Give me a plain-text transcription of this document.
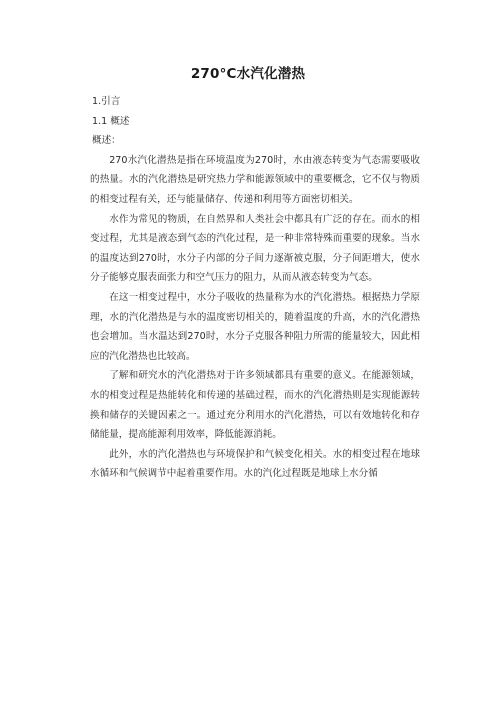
270°C水汽化潜热

1.引言

1.1 概述

概述：

270水汽化潜热是指在环境温度为270时，水由液态转变为气态需要吸收的热量。水的汽化潜热是研究热力学和能源领域中的重要概念，它不仅与物质的相变过程有关，还与能量储存、传递和利用等方面密切相关。

水作为常见的物质，在自然界和人类社会中都具有广泛的存在。而水的相变过程，尤其是液态到气态的汽化过程，是一种非常特殊而重要的现象。当水的温度达到270时，水分子内部的分子间力逐渐被克服，分子间距增大，使水分子能够克服表面张力和空气压力的阻力，从而从液态转变为气态。

在这一相变过程中，水分子吸收的热量称为水的汽化潜热。根据热力学原理，水的汽化潜热是与水的温度密切相关的，随着温度的升高，水的汽化潜热也会增加。当水温达到270时，水分子克服各种阻力所需的能量较大，因此相应的汽化潜热也比较高。

了解和研究水的汽化潜热对于许多领域都具有重要的意义。在能源领域，水的相变过程是热能转化和传递的基础过程，而水的汽化潜热则是实现能源转换和储存的关键因素之一。通过充分利用水的汽化潜热，可以有效地转化和存储能量，提高能源利用效率，降低能源消耗。

此外，水的汽化潜热也与环境保护和气候变化相关。水的相变过程在地球水循环和气候调节中起着重要作用。水的汽化过程既是地球上水分循
